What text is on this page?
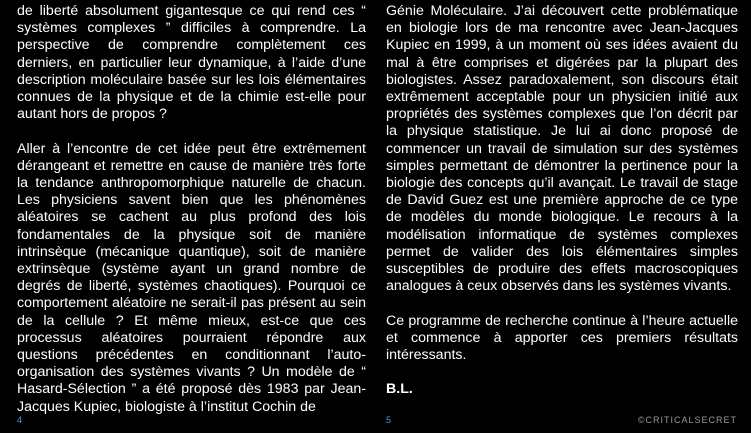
de liberté absolument gigantesque ce qui rend ces “ systèmes complexes ” difficiles à comprendre. La perspective de comprendre complètement ces derniers, en particulier leur dynamique, à l’aide d’une description moléculaire basée sur les lois élémentaires connues de la physique et de la chimie est-elle pour autant hors de propos ?

Aller à l’encontre de cet idée peut être extrêmement dérangeant et remettre en cause de manière très forte la tendance anthropomorphique naturelle de chacun. Les physiciens savent bien que les phénomènes aléatoires se cachent au plus profond des lois fondamentales de la physique soit de manière intrinsèque (mécanique quantique), soit de manière extrinsèque (système ayant un grand nombre de degrés de liberté, systèmes chaotiques). Pourquoi ce comportement aléatoire ne serait-il pas présent au sein de la cellule ? Et même mieux, est-ce que ces processus aléatoires pourraient répondre aux questions précédentes en conditionnant l’auto-organisation des systèmes vivants ? Un modèle de “ Hasard-Sélection ” a été proposé dès 1983 par Jean-Jacques Kupiec, biologiste à l’institut Cochin de

Génie Moléculaire. J’ai découvert cette problématique en biologie lors de ma rencontre avec Jean-Jacques Kupiec en 1999, à un moment où ses idées avaient du mal à être comprises et digérées par la plupart des biologistes. Assez paradoxalement, son discours était extrêmement acceptable pour un physicien initié aux propriétés des systèmes complexes que l’on décrit par la physique statistique. Je lui ai donc proposé de commencer un travail de simulation sur des systèmes simples permettant de démontrer la pertinence pour la biologie des concepts qu’il avançait. Le travail de stage de David Guez est une première approche de ce type de modèles du monde biologique. Le recours à la modélisation informatique de systèmes complexes permet de valider des lois élémentaires simples susceptibles de produire des effets macroscopiques analogues à ceux observés dans les systèmes vivants.

Ce programme de recherche continue à l’heure actuelle et commence à apporter ces premiers résultats intéressants.

B.L.

4	5	©CRITICALSECRET
